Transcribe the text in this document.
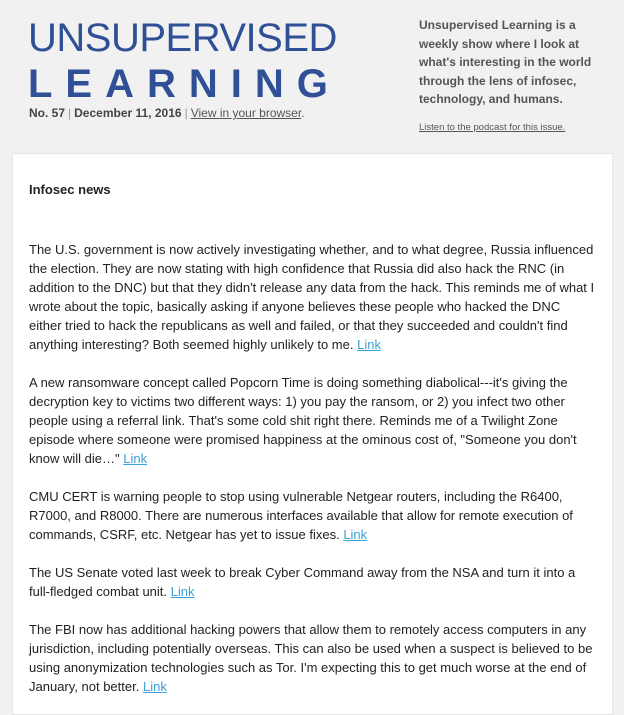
UNSUPERVISED
LEARNING
No. 57 | December 11, 2016 | View in your browser.
Unsupervised Learning is a weekly show where I look at what's interesting in the world through the lens of infosec, technology, and humans.
Listen to the podcast for this issue.
Infosec news

The U.S. government is now actively investigating whether, and to what degree, Russia influenced the election. They are now stating with high confidence that Russia did also hack the RNC (in addition to the DNC) but that they didn't release any data from the hack. This reminds me of what I wrote about the topic, basically asking if anyone believes these people who hacked the DNC either tried to hack the republicans as well and failed, or that they succeeded and couldn't find anything interesting? Both seemed highly unlikely to me. Link

A new ransomware concept called Popcorn Time is doing something diabolical---it's giving the decryption key to victims two different ways: 1) you pay the ransom, or 2) you infect two other people using a referral link. That's some cold shit right there. Reminds me of a Twilight Zone episode where someone were promised happiness at the ominous cost of, "Someone you don't know will die…" Link

CMU CERT is warning people to stop using vulnerable Netgear routers, including the R6400, R7000, and R8000. There are numerous interfaces available that allow for remote execution of commands, CSRF, etc. Netgear has yet to issue fixes. Link

The US Senate voted last week to break Cyber Command away from the NSA and turn it into a full-fledged combat unit. Link

The FBI now has additional hacking powers that allow them to remotely access computers in any jurisdiction, including potentially overseas. This can also be used when a suspect is believed to be using anonymization technologies such as Tor. I'm expecting this to get much worse at the end of January, not better. Link
